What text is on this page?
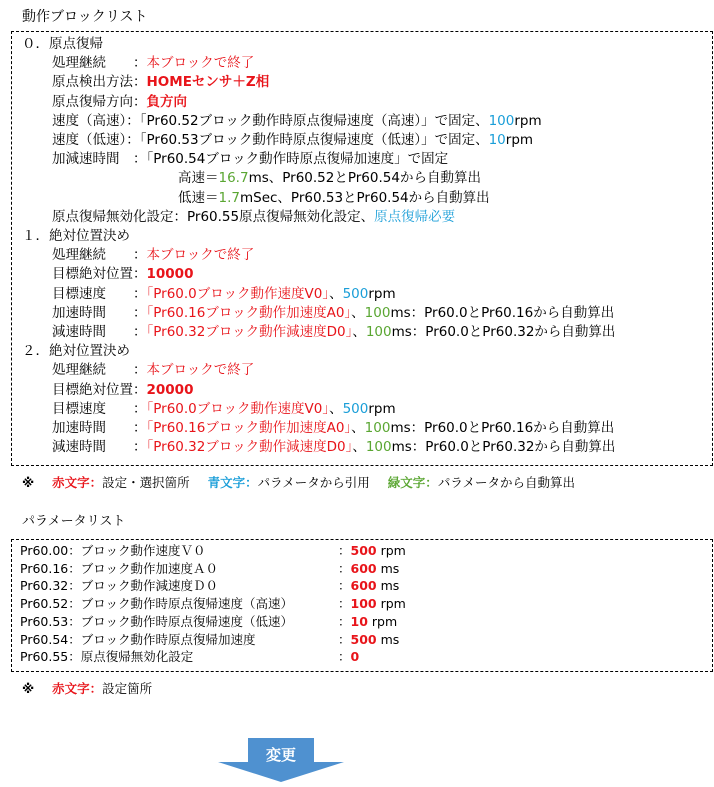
動作ブロックリスト
０．原点復帰
処理継続　　：本ブロックで終了
原点検出方法：HOMEセンサ＋Z相
原点復帰方向：負方向
速度（高速）：「Pr60.52ブロック動作時原点復帰速度（高速）」で固定、100rpm
速度（低速）：「Pr60.53ブロック動作時原点復帰速度（低速）」で固定、10rpm
加減速時間　：「Pr60.54ブロック動作時原点復帰加速度」で固定
高速＝16.7ms、Pr60.52とPr60.54から自動算出
低速＝1.7mSec、Pr60.53とPr60.54から自動算出
原点復帰無効化設定：Pr60.55原点復帰無効化設定、原点復帰必要
１．絶対位置決め
処理継続　　：本ブロックで終了
目標絶対位置：10000
目標速度　　：「Pr60.0ブロック動作速度V0」、500rpm
加速時間　　：「Pr60.16ブロック動作加速度A0」、100ms：Pr60.0とPr60.16から自動算出
減速時間　　：「Pr60.32ブロック動作減速度D0」、100ms：Pr60.0とPr60.32から自動算出
２．絶対位置決め
処理継続　　：本ブロックで終了
目標絶対位置：20000
目標速度　　：「Pr60.0ブロック動作速度V0」、500rpm
加速時間　　：「Pr60.16ブロック動作加速度A0」、100ms：Pr60.0とPr60.16から自動算出
減速時間　　：「Pr60.32ブロック動作減速度D0」、100ms：Pr60.0とPr60.32から自動算出
※ 赤文字：設定・選択箇所 青文字：パラメータから引用 緑文字：パラメータから自動算出
パラメータリスト
Pr60.00：ブロック動作速度Ｖ０	：500 rpm
Pr60.16：ブロック動作加速度Ａ０	：600 ms
Pr60.32：ブロック動作減速度Ｄ０	：600 ms
Pr60.52：ブロック動作時原点復帰速度（高速）	：100 rpm
Pr60.53：ブロック動作時原点復帰速度（低速）	：10 rpm
Pr60.54：ブロック動作時原点復帰加速度	：500 ms
Pr60.55：原点復帰無効化設定	：0
※ 赤文字：設定箇所
変更
